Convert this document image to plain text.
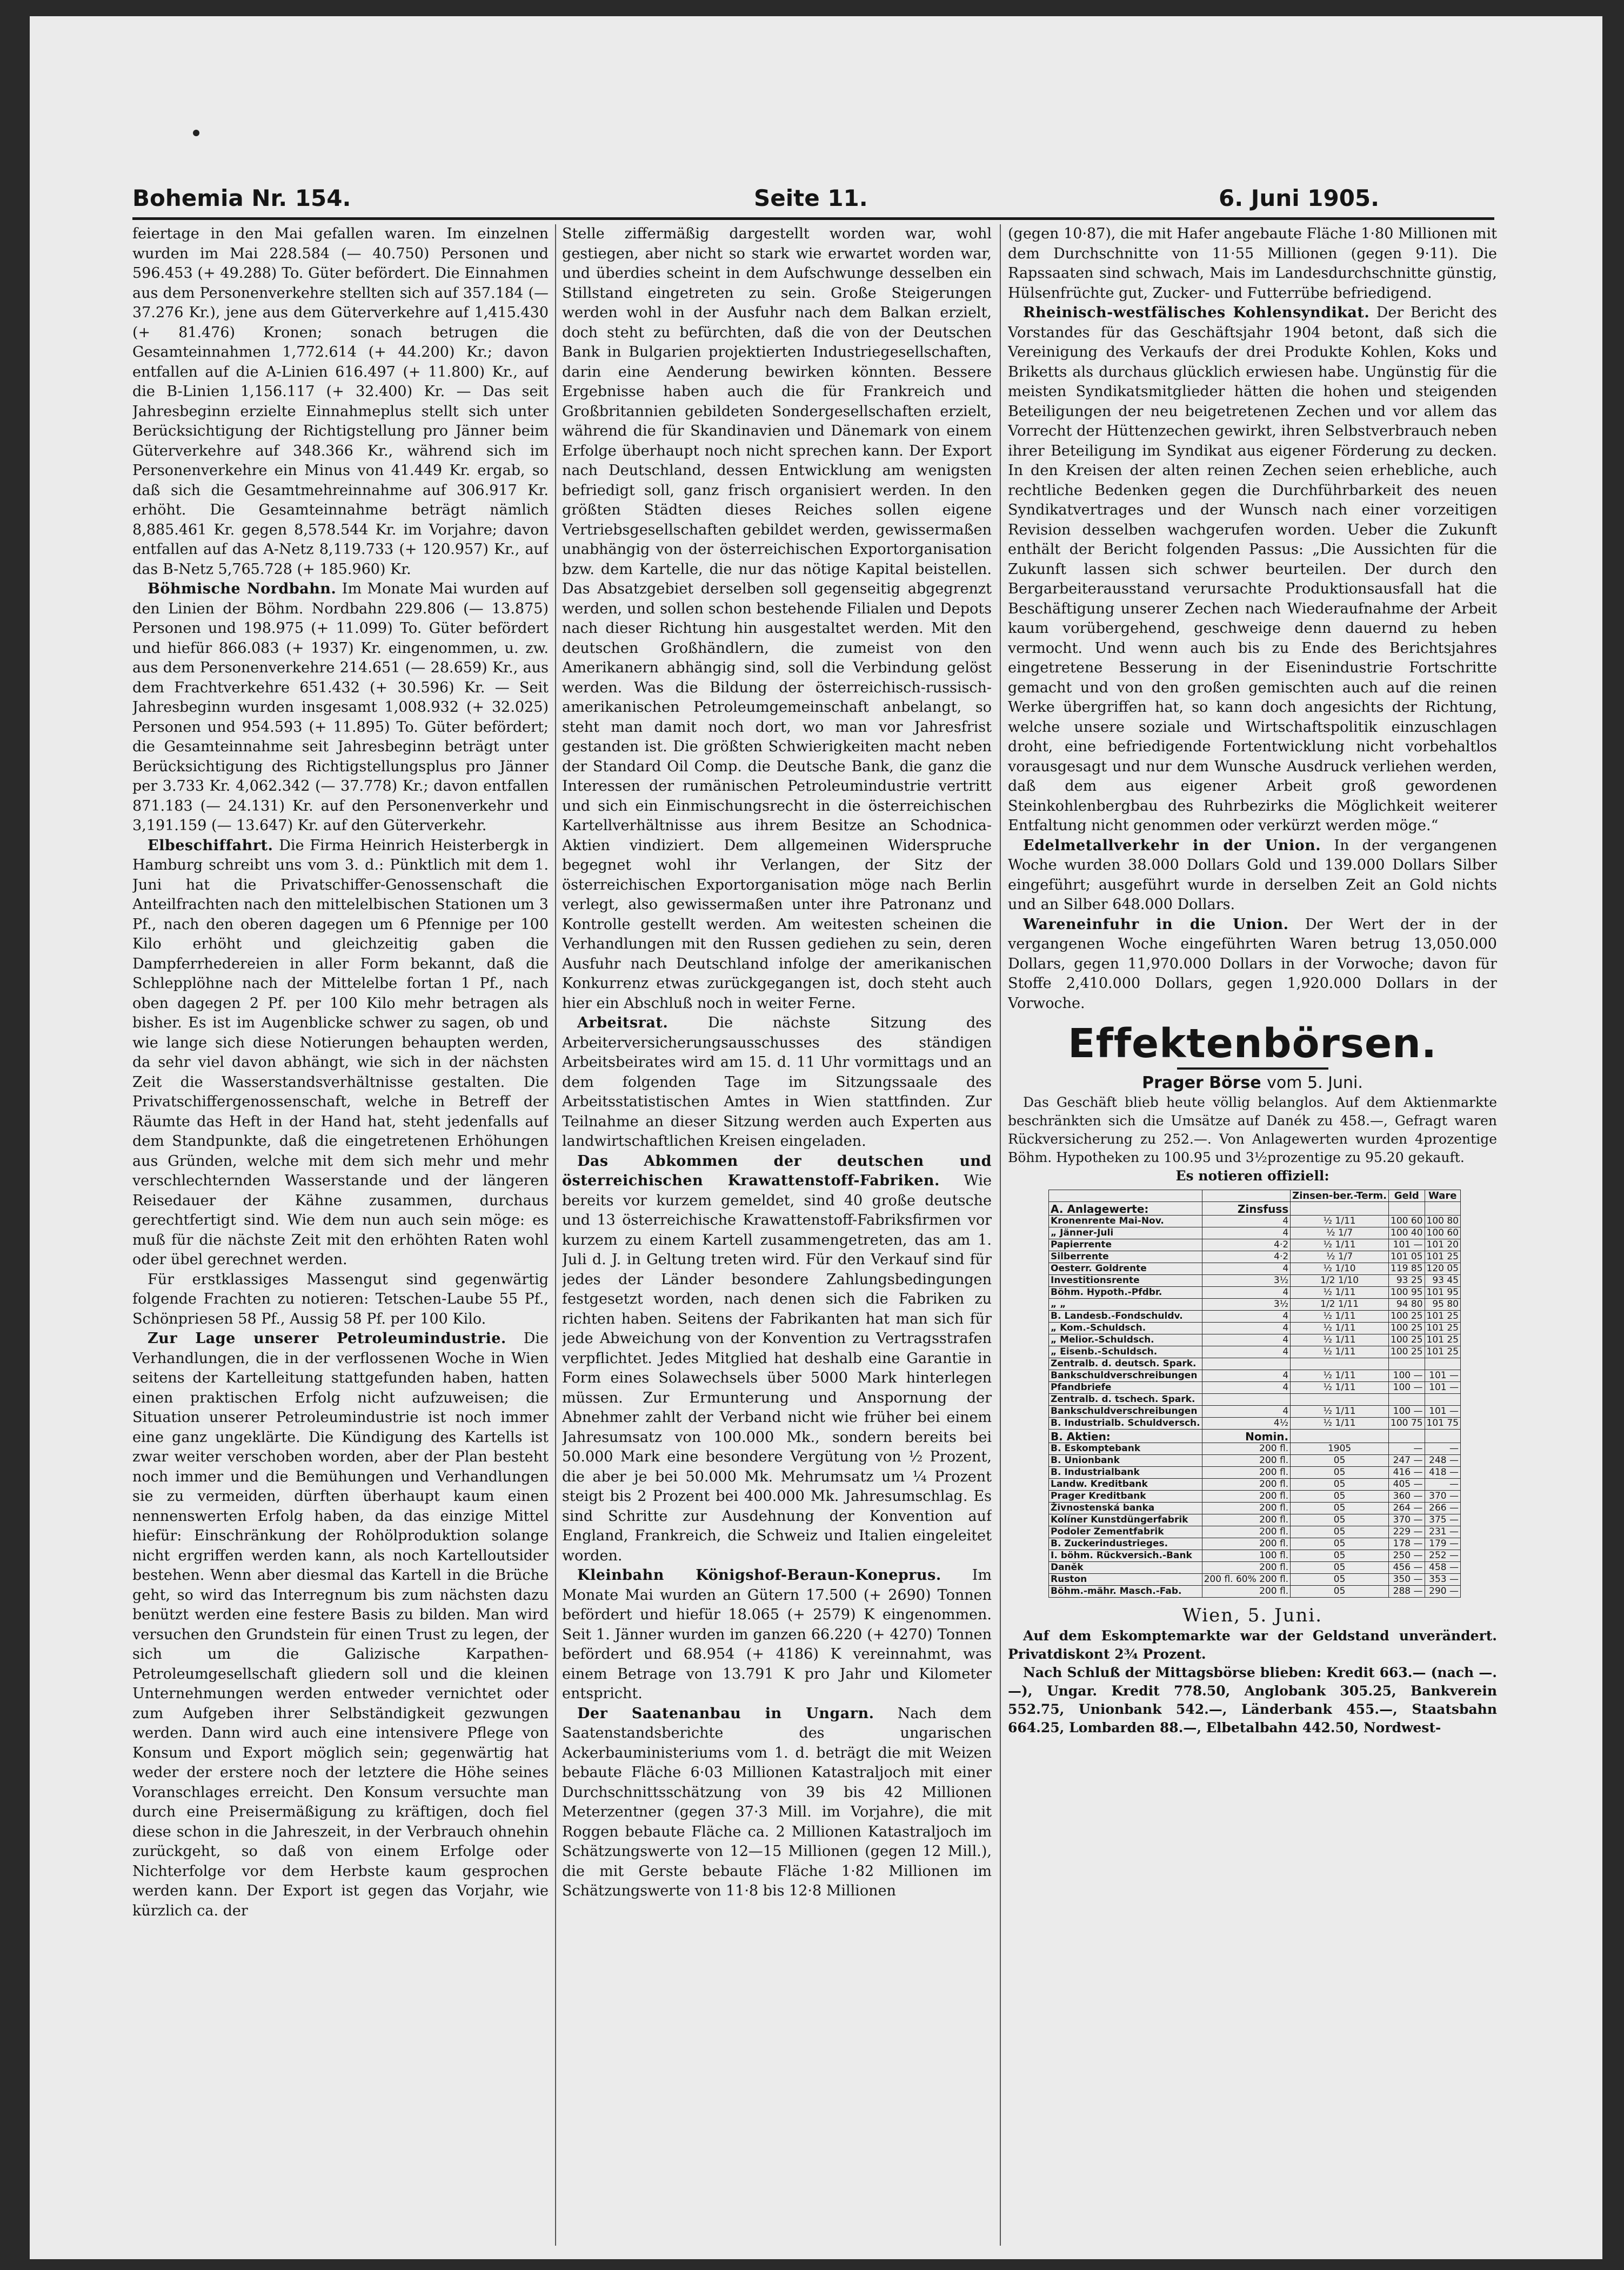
Bohemia Nr. 154.	Seite 11.	6. Juni 1905.

feiertage in den Mai gefallen waren. Im einzelnen wurden im Mai 228.584 (— 40.750) Personen und 596.453 (+ 49.288) To. Güter befördert. Die Einnahmen aus dem Personenverkehre stellten sich auf 357.184 (— 37.276 Kr.), jene aus dem Güterverkehre auf 1,415.430 (+ 81.476) Kronen; sonach betrugen die Gesamteinnahmen 1,772.614 (+ 44.200) Kr.; davon entfallen auf die A-Linien 616.497 (+ 11.800) Kr., auf die B-Linien 1,156.117 (+ 32.400) Kr. — Das seit Jahresbeginn erzielte Einnahmeplus stellt sich unter Berücksichtigung der Richtigstellung pro Jänner beim Güterverkehre auf 348.366 Kr., während sich im Personenverkehre ein Minus von 41.449 Kr. ergab, so daß sich die Gesamtmehreinnahme auf 306.917 Kr. erhöht. Die Gesamteinnahme beträgt nämlich 8,885.461 Kr. gegen 8,578.544 Kr. im Vorjahre; davon entfallen auf das A-Netz 8,119.733 (+ 120.957) Kr., auf das B-Netz 5,765.728 (+ 185.960) Kr.

Böhmische Nordbahn. Im Monate Mai wurden auf den Linien der Böhm. Nordbahn 229.806 (— 13.875) Personen und 198.975 (+ 11.099) To. Güter befördert und hiefür 866.083 (+ 1937) Kr. eingenommen, u. zw. aus dem Personenverkehre 214.651 (— 28.659) Kr., aus dem Frachtverkehre 651.432 (+ 30.596) Kr. — Seit Jahresbeginn wurden insgesamt 1,008.932 (+ 32.025) Personen und 954.593 (+ 11.895) To. Güter befördert; die Gesamteinnahme seit Jahresbeginn beträgt unter Berücksichtigung des Richtigstellungsplus pro Jänner per 3.733 Kr. 4,062.342 (— 37.778) Kr.; davon entfallen 871.183 (— 24.131) Kr. auf den Personenverkehr und 3,191.159 (— 13.647) Kr. auf den Güterverkehr.

Elbeschiffahrt. Die Firma Heinrich Heisterbergk in Hamburg schreibt uns vom 3. d.: Pünktlich mit dem 1. Juni hat die Privatschiffer-Genossenschaft die Anteilfrachten nach den mittelelbischen Stationen um 3 Pf., nach den oberen dagegen um 6 Pfennige per 100 Kilo erhöht und gleichzeitig gaben die Dampferrhedereien in aller Form bekannt, daß die Schlepplöhne nach der Mittelelbe fortan 1 Pf., nach oben dagegen 2 Pf. per 100 Kilo mehr betragen als bisher. Es ist im Augenblicke schwer zu sagen, ob und wie lange sich diese Notierungen behaupten werden, da sehr viel davon abhängt, wie sich in der nächsten Zeit die Wasserstandsverhältnisse gestalten. Die Privatschiffergenossenschaft, welche in Betreff der Räumte das Heft in der Hand hat, steht jedenfalls auf dem Standpunkte, daß die eingetretenen Erhöhungen aus Gründen, welche mit dem sich mehr und mehr verschlechternden Wasserstande und der längeren Reisedauer der Kähne zusammen, durchaus gerechtfertigt sind. Wie dem nun auch sein möge: es muß für die nächste Zeit mit den erhöhten Raten wohl oder übel gerechnet werden.

Für erstklassiges Massengut sind gegenwärtig folgende Frachten zu notieren: Tetschen-Laube 55 Pf., Schönpriesen 58 Pf., Aussig 58 Pf. per 100 Kilo.

Zur Lage unserer Petroleumindustrie. Die Verhandlungen, die in der verflossenen Woche in Wien seitens der Kartelleitung stattgefunden haben, hatten einen praktischen Erfolg nicht aufzuweisen; die Situation unserer Petroleumindustrie ist noch immer eine ganz ungeklärte. Die Kündigung des Kartells ist zwar weiter verschoben worden, aber der Plan besteht noch immer und die Bemühungen und Verhandlungen sie zu vermeiden, dürften überhaupt kaum einen nennenswerten Erfolg haben, da das einzige Mittel hiefür: Einschränkung der Rohölproduktion solange nicht ergriffen werden kann, als noch Kartelloutsider bestehen. Wenn aber diesmal das Kartell in die Brüche geht, so wird das Interregnum bis zum nächsten dazu benützt werden eine festere Basis zu bilden. Man wird versuchen den Grundstein für einen Trust zu legen, der sich um die Galizische Karpathen-Petroleumgesellschaft gliedern soll und die kleinen Unternehmungen werden entweder vernichtet oder zum Aufgeben ihrer Selbständigkeit gezwungen werden. Dann wird auch eine intensivere Pflege von Konsum und Export möglich sein; gegenwärtig hat weder der erstere noch der letztere die Höhe seines Voranschlages erreicht. Den Konsum versuchte man durch eine Preisermäßigung zu kräftigen, doch fiel diese schon in die Jahreszeit, in der Verbrauch ohnehin zurückgeht, so daß von einem Erfolge oder Nichterfolge vor dem Herbste kaum gesprochen werden kann. Der Export ist gegen das Vorjahr, wie kürzlich ca. der

Stelle ziffermäßig dargestellt worden war, wohl gestiegen, aber nicht so stark wie erwartet worden war, und überdies scheint in dem Aufschwunge desselben ein Stillstand eingetreten zu sein. Große Steigerungen werden wohl in der Ausfuhr nach dem Balkan erzielt, doch steht zu befürchten, daß die von der Deutschen Bank in Bulgarien projektierten Industriegesellschaften, darin eine Aenderung bewirken könnten. Bessere Ergebnisse haben auch die für Frankreich und Großbritannien gebildeten Sondergesellschaften erzielt, während die für Skandinavien und Dänemark von einem Erfolge überhaupt noch nicht sprechen kann. Der Export nach Deutschland, dessen Entwicklung am wenigsten befriedigt soll, ganz frisch organisiert werden. In den größten Städten dieses Reiches sollen eigene Vertriebsgesellschaften gebildet werden, gewissermaßen unabhängig von der österreichischen Exportorganisation bzw. dem Kartelle, die nur das nötige Kapital beistellen. Das Absatzgebiet derselben soll gegenseitig abgegrenzt werden, und sollen schon bestehende Filialen und Depots nach dieser Richtung hin ausgestaltet werden. Mit den deutschen Großhändlern, die zumeist von den Amerikanern abhängig sind, soll die Verbindung gelöst werden. Was die Bildung der österreichisch-russisch-amerikanischen Petroleumgemeinschaft anbelangt, so steht man damit noch dort, wo man vor Jahresfrist gestanden ist. Die größten Schwierigkeiten macht neben der Standard Oil Comp. die Deutsche Bank, die ganz die Interessen der rumänischen Petroleumindustrie vertritt und sich ein Einmischungsrecht in die österreichischen Kartellverhältnisse aus ihrem Besitze an Schodnica-Aktien vindiziert. Dem allgemeinen Widerspruche begegnet wohl ihr Verlangen, der Sitz der österreichischen Exportorganisation möge nach Berlin verlegt, also gewissermaßen unter ihre Patronanz und Kontrolle gestellt werden. Am weitesten scheinen die Verhandlungen mit den Russen gediehen zu sein, deren Ausfuhr nach Deutschland infolge der amerikanischen Konkurrenz etwas zurückgegangen ist, doch steht auch hier ein Abschluß noch in weiter Ferne.

Arbeitsrat.	Die nächste Sitzung des Arbeiterversicherungsausschusses des ständigen Arbeitsbeirates wird am 15. d. 11 Uhr vormittags und an dem folgenden Tage im Sitzungssaale des Arbeitsstatistischen Amtes in Wien stattfinden. Zur Teilnahme an dieser Sitzung werden auch Experten aus landwirtschaftlichen Kreisen eingeladen.

Das Abkommen der deutschen und österreichischen Krawattenstoff-Fabriken. Wie bereits vor kurzem gemeldet, sind 40 große deutsche und 13 österreichische Krawattenstoff-Fabriksfirmen vor kurzem zu einem Kartell zusammengetreten, das am 1. Juli d. J. in Geltung treten wird. Für den Verkauf sind für jedes der Länder besondere Zahlungsbedingungen festgesetzt worden, nach denen sich die Fabriken zu richten haben. Seitens der Fabrikanten hat man sich für jede Abweichung von der Konvention zu Vertragsstrafen verpflichtet. Jedes Mitglied hat deshalb eine Garantie in Form eines Solawechsels über 5000 Mark hinterlegen müssen. Zur Ermunterung und Anspornung der Abnehmer zahlt der Verband nicht wie früher bei einem Jahresumsatz von 100.000 Mk., sondern bereits bei 50.000 Mark eine besondere Vergütung von ½ Prozent, die aber je bei 50.000 Mk. Mehrumsatz um ¼ Prozent steigt bis 2 Prozent bei 400.000 Mk. Jahresumschlag. Es sind Schritte zur Ausdehnung der Konvention auf England, Frankreich, die Schweiz und Italien eingeleitet worden.

Kleinbahn Königshof-Beraun-Koneprus. Im Monate Mai wurden an Gütern 17.500 (+ 2690) Tonnen befördert und hiefür 18.065 (+ 2579) K eingenommen. Seit 1. Jänner wurden im ganzen 66.220 (+ 4270) Tonnen befördert und 68.954 (+ 4186) K vereinnahmt, was einem Betrage von 13.791 K pro Jahr und Kilometer entspricht.

Der Saatenanbau in Ungarn. Nach dem Saatenstandsberichte des ungarischen Ackerbauministeriums vom 1. d. beträgt die mit Weizen bebaute Fläche 6·03 Millionen Katastraljoch mit einer Durchschnittsschätzung von 39 bis 42 Millionen Meterzentner (gegen 37·3 Mill. im Vorjahre), die mit Roggen bebaute Fläche ca. 2 Millionen Katastraljoch im Schätzungswerte von 12—15 Millionen (gegen 12 Mill.), die mit Gerste bebaute Fläche 1·82 Millionen im Schätzungswerte von 11·8 bis 12·8 Millionen

(gegen 10·87), die mit Hafer angebaute Fläche 1·80 Millionen mit dem Durchschnitte von 11·55 Millionen (gegen 9·11). Die Rapssaaten sind schwach, Mais im Landesdurchschnitte günstig, Hülsenfrüchte gut, Zucker- und Futterrübe befriedigend.

Rheinisch-westfälisches Kohlensyndikat. Der Bericht des Vorstandes für das Geschäftsjahr 1904 betont, daß sich die Vereinigung des Verkaufs der drei Produkte Kohlen, Koks und Briketts als durchaus glücklich erwiesen habe. Ungünstig für die meisten Syndikatsmitglieder hätten die hohen und steigenden Beteiligungen der neu beigetretenen Zechen und vor allem das Vorrecht der Hüttenzechen gewirkt, ihren Selbstverbrauch neben ihrer Beteiligung im Syndikat aus eigener Förderung zu decken. In den Kreisen der alten reinen Zechen seien erhebliche, auch rechtliche Bedenken gegen die Durchführbarkeit des neuen Syndikatvertrages und der Wunsch nach einer vorzeitigen Revision desselben wachgerufen worden. Ueber die Zukunft enthält der Bericht folgenden Passus: „Die Aussichten für die Zukunft lassen sich schwer beurteilen. Der durch den Bergarbeiterausstand verursachte Produktionsausfall hat die Beschäftigung unserer Zechen nach Wiederaufnahme der Arbeit kaum vorübergehend, geschweige denn dauernd zu heben vermocht. Und wenn auch bis zu Ende des Berichtsjahres eingetretene Besserung in der Eisenindustrie Fortschritte gemacht und von den großen gemischten auch auf die reinen Werke übergriffen hat, so kann doch angesichts der Richtung, welche unsere soziale und Wirtschaftspolitik einzuschlagen droht, eine befriedigende Fortentwicklung nicht vorbehaltlos vorausgesagt und nur dem Wunsche Ausdruck verliehen werden, daß dem aus eigener Arbeit groß gewordenen Steinkohlenbergbau des Ruhrbezirks die Möglichkeit weiterer Entfaltung nicht genommen oder verkürzt werden möge.“

Edelmetallverkehr in der Union. In der vergangenen Woche wurden 38.000 Dollars Gold und 139.000 Dollars Silber eingeführt; ausgeführt wurde in derselben Zeit an Gold nichts und an Silber 648.000 Dollars.

Wareneinfuhr in die Union. Der Wert der in der vergangenen Woche eingeführten Waren betrug 13,050.000 Dollars, gegen 11,970.000 Dollars in der Vorwoche; davon für Stoffe 2,410.000 Dollars, gegen 1,920.000 Dollars in der Vorwoche.

Effektenbörsen.
Prager Börse vom 5. Juni.

Das Geschäft blieb heute völlig belanglos. Auf dem Aktienmarkte beschränkten sich die Umsätze auf Danék zu 458.—, Gefragt waren Rückversicherung zu 252.—. Von Anlagewerten wurden 4prozentige Böhm. Hypotheken zu 100.95 und 3½prozentige zu 95.20 gekauft.

Es notieren offiziell:
		Zinsen-ber.-Term.	Geld	Ware
A. Anlagewerte:	Zinsfuss			
Kronenrente Mai-Nov.	4	½ 1/11	100 60	100 80
„ Jänner-Juli	4	½ 1/7	100 40	100 60
Papierrente	4·2	½ 1/11	101 —	101 20
Silberrente	4·2	½ 1/7	101 05	101 25
Oesterr. Goldrente	4	½ 1/10	119 85	120 05
Investitionsrente	3½	1/2 1/10	93 25	93 45
Böhm. Hypoth.-Pfdbr.	4	½ 1/11	100 95	101 95
„ „	3½	1/2 1/11	94 80	95 80
B. Landesb.-Fondschuldv.	4	½ 1/11	100 25	101 25
„ Kom.-Schuldsch.	4	½ 1/11	100 25	101 25
„ Melior.-Schuldsch.	4	½ 1/11	100 25	101 25
„ Eisenb.-Schuldsch.	4	½ 1/11	100 25	101 25
Zentralb. d. deutsch. Spark.				
Bankschuldverschreibungen	4	½ 1/11	100 —	101 —
Pfandbriefe	4	½ 1/11	100 —	101 —
Zentralb. d. tschech. Spark.				
Bankschuldverschreibungen	4	½ 1/11	100 —	101 —
B. Industrialb. Schuldversch.	4½	½ 1/11	100 75	101 75
B. Aktien:	Nomin.			
B. Eskomptebank	200 fl.	1905	—	—
B. Unionbank	200 fl.	05	247 —	248 —
B. Industrialbank	200 fl.	05	416 —	418 —
Landw. Kreditbank	200 fl.	05	405 —	—
Prager Kreditbank	200 fl.	05	360 —	370 —
Živnostenská banka	200 fl.	05	264 —	266 —
Kolíner Kunstdüngerfabrik	200 fl.	05	370 —	375 —
Podoler Zementfabrik	200 fl.	05	229 —	231 —
B. Zuckerindustrieges.	200 fl.	05	178 —	179 —
I. böhm. Rückversich.-Bank	100 fl.	05	250 —	252 —
Daněk	200 fl.	05	456 —	458 —
Ruston	200 fl. 60% 200 fl.	05	350 —	353 —
Böhm.-mähr. Masch.-Fab.	200 fl.	05	288 —	290 —
Wien, 5. Juni.

Auf dem Eskomptemarkte war der Geldstand unverändert. Privatdiskont 2¾ Prozent.

Nach Schluß der Mittagsbörse blieben: Kredit 663.— (nach —.—), Ungar. Kredit 778.50, Anglobank 305.25, Bankverein 552.75, Unionbank 542.—, Länderbank 455.—, Staatsbahn 664.25, Lombarden 88.—, Elbetalbahn 442.50, Nordwest-
